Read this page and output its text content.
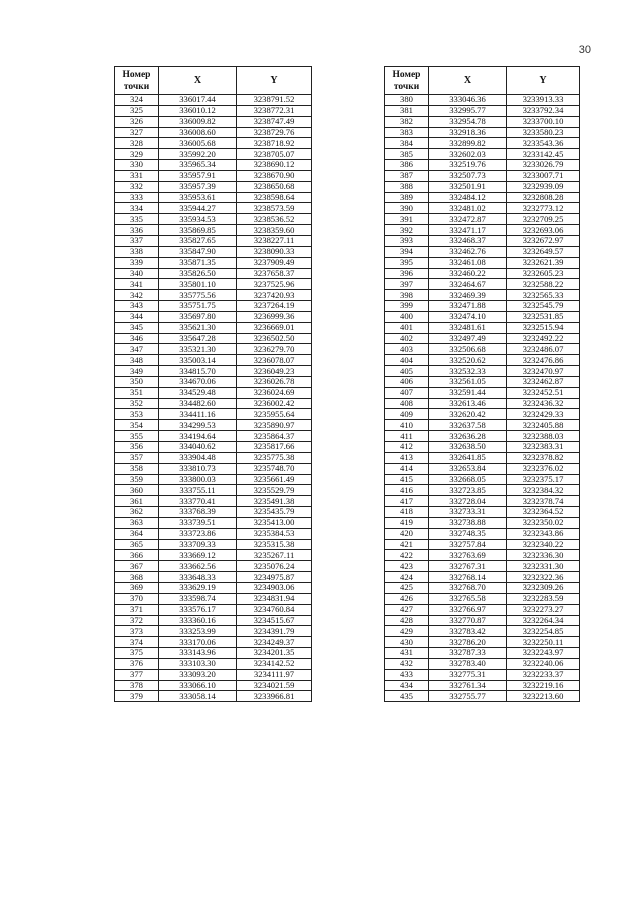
30
Номер
точки	X	Y
324	336017.44	3238791.52
325	336010.12	3238772.31
326	336009.82	3238747.49
327	336008.60	3238729.76
328	336005.68	3238718.92
329	335992.20	3238705.07
330	335965.34	3238690.12
331	335957.91	3238670.90
332	335957.39	3238650.68
333	335953.61	3238598.64
334	335944.27	3238573.59
335	335934.53	3238536.52
336	335869.85	3238359.60
337	335827.65	3238227.11
338	335847.90	3238090.33
339	335871.35	3237909.49
340	335826.50	3237658.37
341	335801.10	3237525.96
342	335775.56	3237420.93
343	335751.75	3237264.19
344	335697.80	3236999.36
345	335621.30	3236669.01
346	335647.28	3236502.50
347	335321.30	3236279.70
348	335003.14	3236078.07
349	334815.70	3236049.23
350	334670.06	3236026.78
351	334529.48	3236024.69
352	334482.60	3236002.42
353	334411.16	3235955.64
354	334299.53	3235890.97
355	334194.64	3235864.37
356	334040.62	3235817.66
357	333904.48	3235775.38
358	333810.73	3235748.70
359	333800.03	3235661.49
360	333755.11	3235529.79
361	333770.41	3235491.38
362	333768.39	3235435.79
363	333739.51	3235413.00
364	333723.86	3235384.53
365	333709.33	3235315.38
366	333669.12	3235267.11
367	333662.56	3235076.24
368	333648.33	3234975.87
369	333629.19	3234903.06
370	333598.74	3234831.94
371	333576.17	3234760.84
372	333360.16	3234515.67
373	333253.99	3234391.79
374	333170.06	3234249.37
375	333143.96	3234201.35
376	333103.30	3234142.52
377	333093.20	3234111.97
378	333066.10	3234021.59
379	333058.14	3233966.81
Номер
точки	X	Y
380	333046.36	3233913.33
381	332995.77	3233792.34
382	332954.78	3233700.10
383	332918.36	3233580.23
384	332899.82	3233543.36
385	332602.03	3233142.45
386	332519.76	3233026.79
387	332507.73	3233007.71
388	332501.91	3232939.09
389	332484.12	3232808.28
390	332481.02	3232773.12
391	332472.87	3232709.25
392	332471.17	3232693.06
393	332468.37	3232672.97
394	332462.76	3232649.57
395	332461.08	3232621.39
396	332460.22	3232605.23
397	332464.67	3232588.22
398	332469.39	3232565.33
399	332471.88	3232545.79
400	332474.10	3232531.85
401	332481.61	3232515.94
402	332497.49	3232492.22
403	332506.68	3232486.07
404	332520.62	3232476.86
405	332532.33	3232470.97
406	332561.05	3232462.87
407	332591.44	3232452.51
408	332613.46	3232436.32
409	332620.42	3232429.33
410	332637.58	3232405.88
411	332636.28	3232388.03
412	332638.50	3232383.31
413	332641.85	3232378.82
414	332653.84	3232376.02
415	332668.05	3232375.17
416	332723.85	3232384.32
417	332728.04	3232378.74
418	332733.31	3232364.52
419	332738.88	3232350.02
420	332748.35	3232343.86
421	332757.84	3232340.22
422	332763.69	3232336.30
423	332767.31	3232331.30
424	332768.14	3232322.36
425	332768.70	3232309.26
426	332765.58	3232283.59
427	332766.97	3232273.27
428	332770.87	3232264.34
429	332783.42	3232254.85
430	332786.20	3232250.11
431	332787.33	3232243.97
432	332783.40	3232240.06
433	332775.31	3232233.37
434	332761.34	3232219.16
435	332755.77	3232213.60
